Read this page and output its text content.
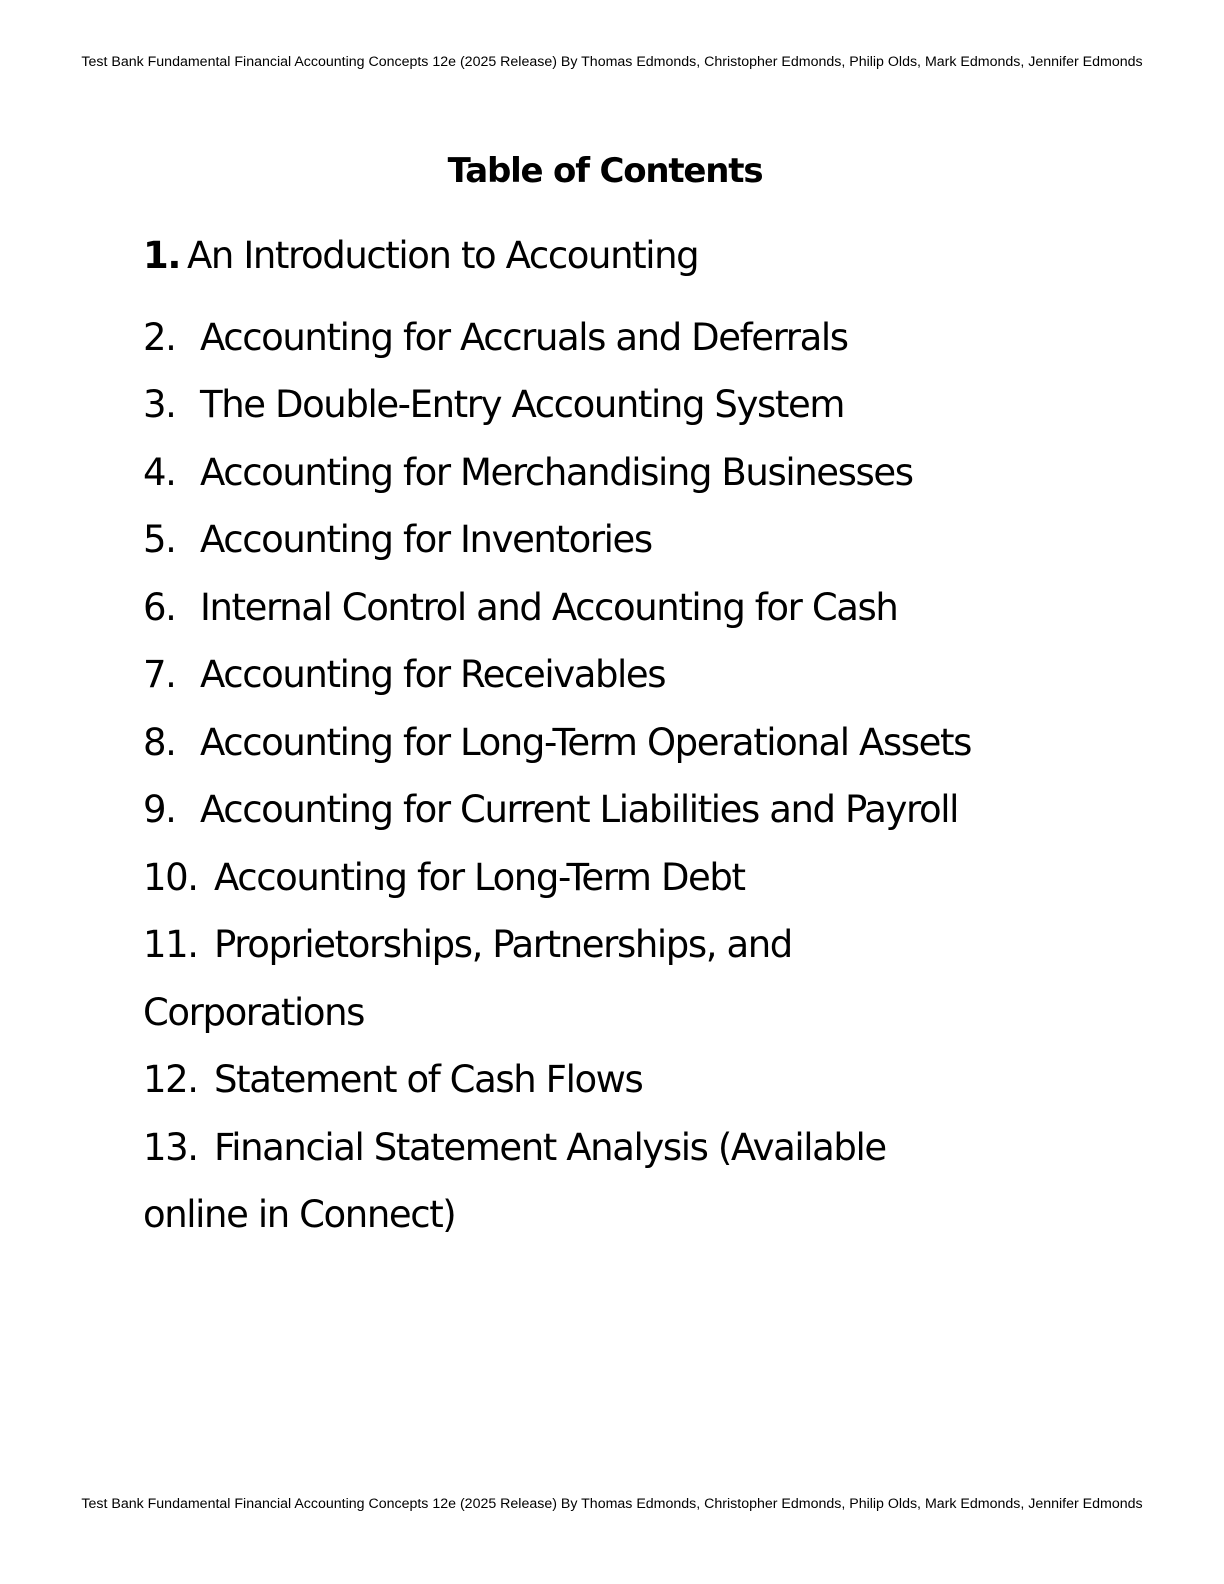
Test Bank Fundamental Financial Accounting Concepts 12e (2025 Release) By Thomas Edmonds, Christopher Edmonds, Philip Olds, Mark Edmonds, Jennifer Edmonds
Table of Contents
1. An Introduction to Accounting
2. Accounting for Accruals and Deferrals
3. The Double-Entry Accounting System
4. Accounting for Merchandising Businesses
5. Accounting for Inventories
6. Internal Control and Accounting for Cash
7. Accounting for Receivables
8. Accounting for Long-Term Operational Assets
9. Accounting for Current Liabilities and Payroll
10. Accounting for Long-Term Debt
11. Proprietorships, Partnerships, and
Corporations
12. Statement of Cash Flows
13. Financial Statement Analysis (Available
online in Connect)
Test Bank Fundamental Financial Accounting Concepts 12e (2025 Release) By Thomas Edmonds, Christopher Edmonds, Philip Olds, Mark Edmonds, Jennifer Edmonds
